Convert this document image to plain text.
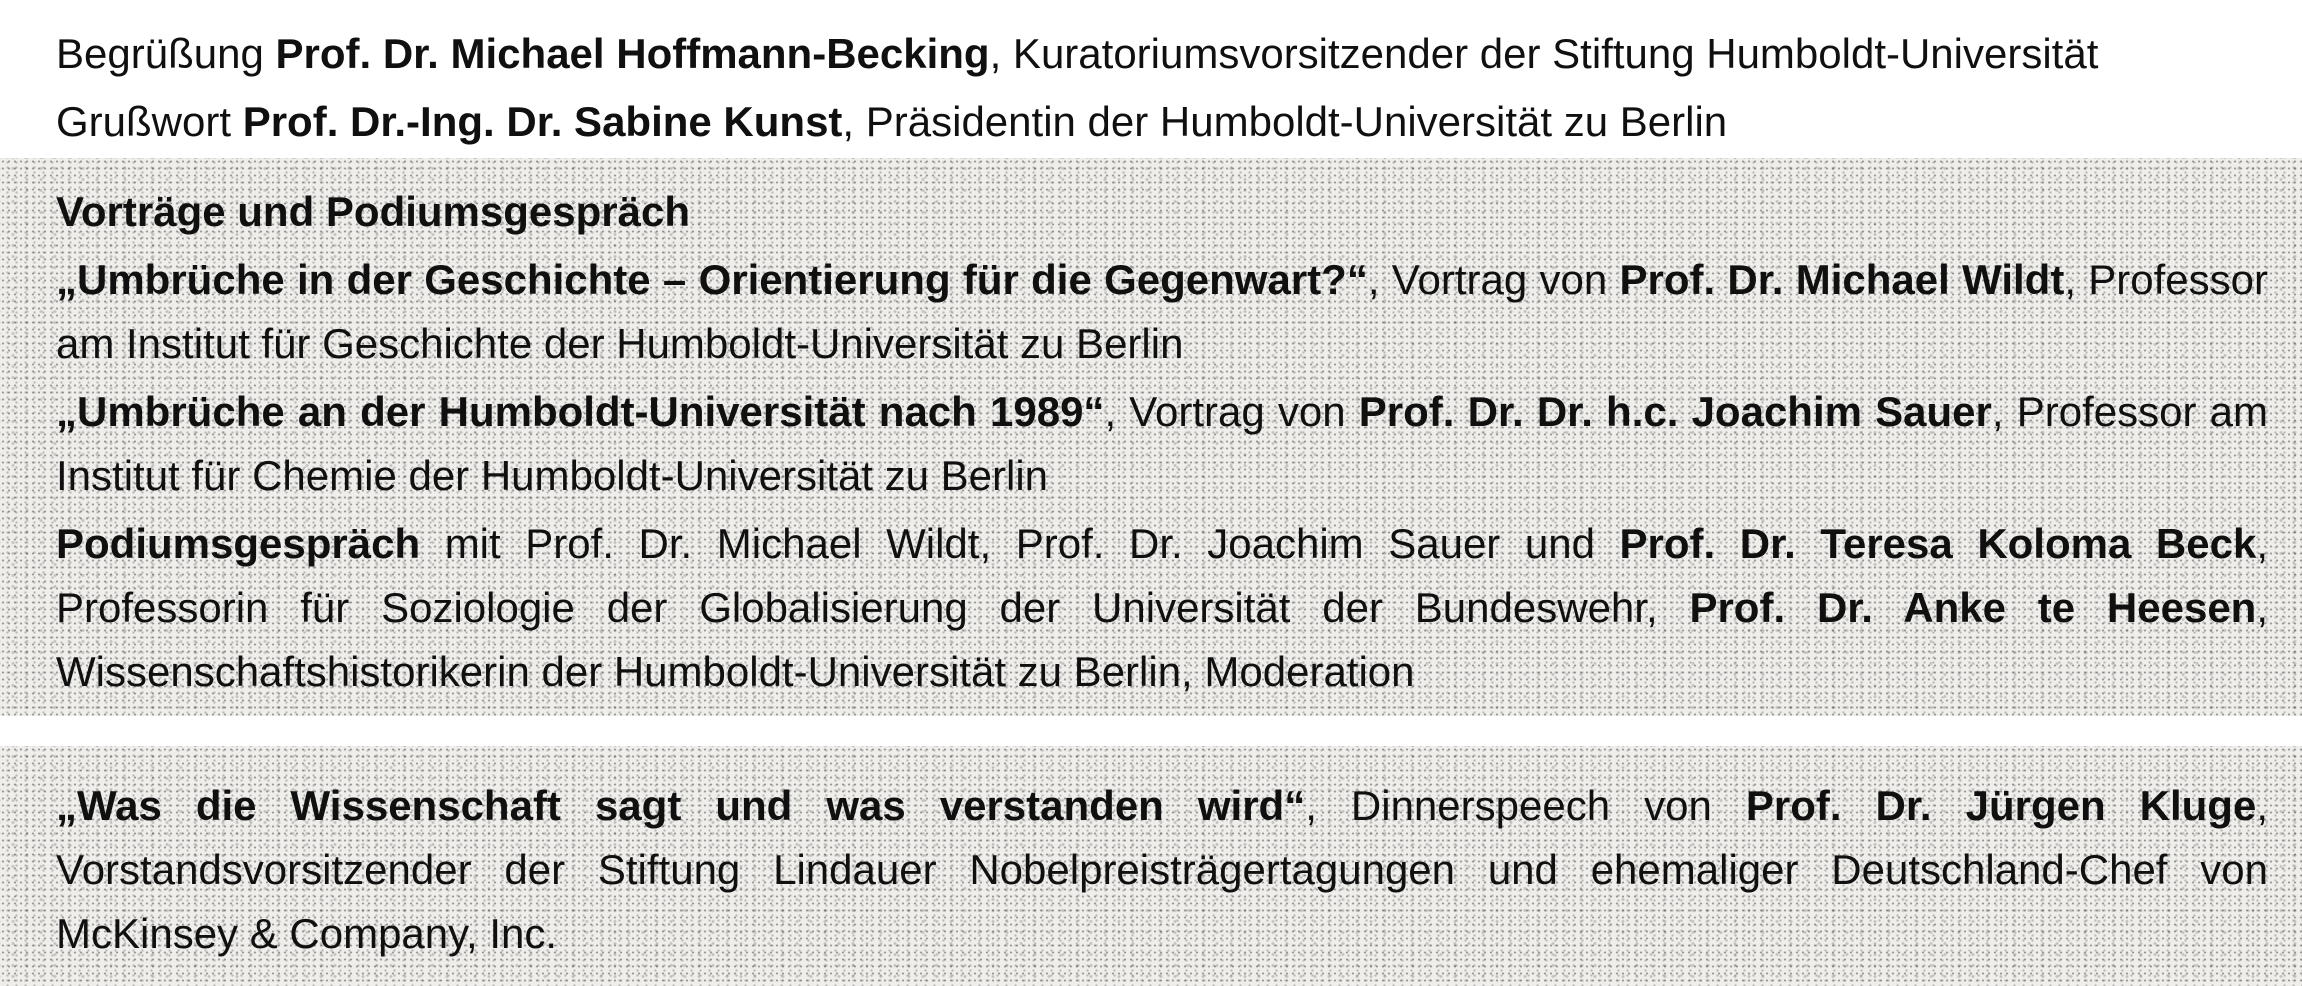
Begrüßung Prof. Dr. Michael Hoffmann-Becking, Kuratoriumsvorsitzender der Stiftung Humboldt-Universität

Grußwort Prof. Dr.-Ing. Dr. Sabine Kunst, Präsidentin der Humboldt-Universität zu Berlin

Vorträge und Podiumsgespräch

„Umbrüche in der Geschichte – Orientierung für die Gegenwart?“, Vortrag von Prof. Dr. Michael Wildt, Professor am Institut für Geschichte der Humboldt-Universität zu Berlin

„Umbrüche an der Humboldt-Universität nach 1989“, Vortrag von Prof. Dr. Dr. h.c. Joachim Sauer, Professor am Institut für Chemie der Humboldt-Universität zu Berlin

Podiumsgespräch mit Prof. Dr. Michael Wildt, Prof. Dr. Joachim Sauer und Prof. Dr. Teresa Koloma Beck, Professorin für Soziologie der Globalisierung der Universität der Bundeswehr, Prof. Dr. Anke te Heesen, Wissenschaftshistorikerin der Humboldt-Universität zu Berlin, Moderation

„Was die Wissenschaft sagt und was verstanden wird“, Dinnerspeech von Prof. Dr. Jürgen Kluge, Vorstandsvorsitzender der Stiftung Lindauer Nobelpreisträgertagungen und ehemaliger Deutschland-Chef von McKinsey & Company, Inc.
